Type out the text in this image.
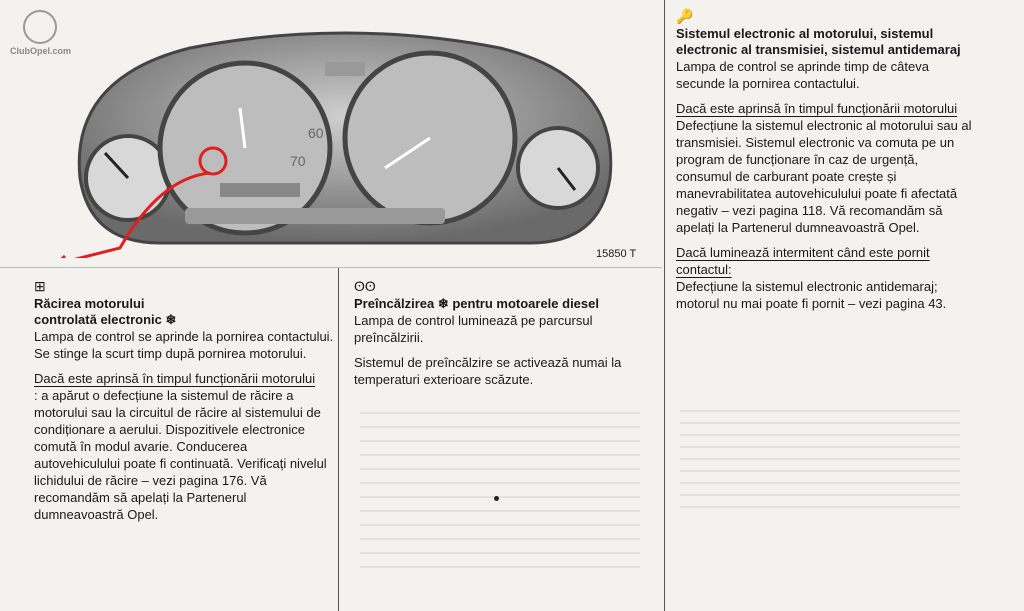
ClubOpel.com
60
70
15850 T
⊞
Răcirea motorului
controlată electronic ❄

Lampa de control se aprinde la pornirea contactului. Se stinge la scurt timp după pornirea motorului.

Dacă este aprinsă în timpul funcționării motorului

: a apărut o defecțiune la sistemul de răcire a motorului sau la circuitul de răcire al sistemului de condiționare a aerului. Dispozitivele electronice comută în modul avarie. Conducerea autovehiculului poate fi continuată. Verificați nivelul lichidului de răcire – vezi pagina 176. Vă recomandăm să apelați la Partenerul dumneavoastră Opel.

ʘʘ
Preîncălzirea ❄ pentru motoarele diesel

Lampa de control luminează pe parcursul preîncălzirii.

Sistemul de preîncălzire se activează numai la temperaturi exterioare scăzute.

🔑
Sistemul electronic al motorului, sistemul electronic al transmisiei, sistemul antidemaraj

Lampa de control se aprinde timp de câteva secunde la pornirea contactului.

Dacă este aprinsă în timpul funcționării motorului

Defecțiune la sistemul electronic al motorului sau al transmisiei. Sistemul electronic va comuta pe un program de funcționare în caz de urgență, consumul de carburant poate crește și manevrabilitatea autovehiculului poate fi afectată negativ – vezi pagina 118. Vă recomandăm să apelați la Partenerul dumneavoastră Opel.

Dacă luminează intermitent când este pornit contactul:

Defecțiune la sistemul electronic antidemaraj; motorul nu mai poate fi pornit – vezi pagina 43.
